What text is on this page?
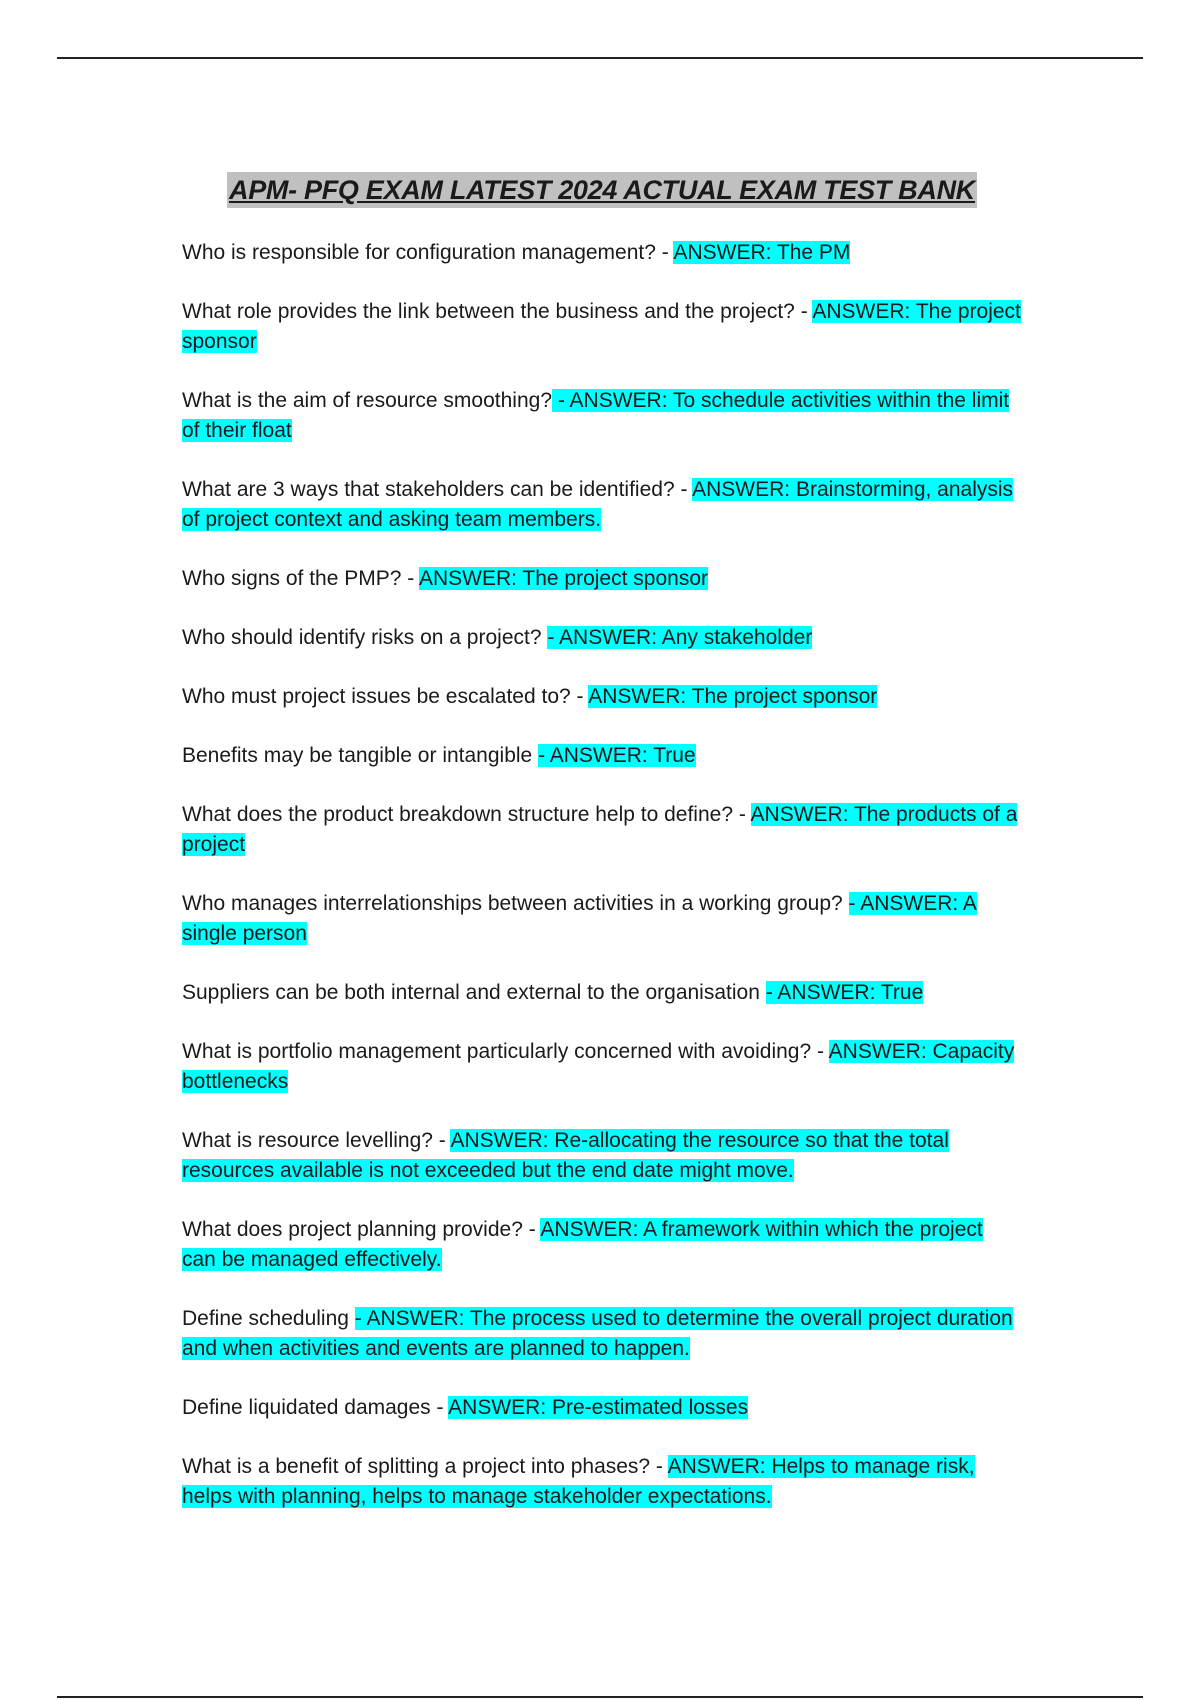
APM- PFQ EXAM LATEST 2024 ACTUAL EXAM TEST BANK

Who is responsible for configuration management? - ANSWER: The PM

What role provides the link between the business and the project? - ANSWER: The project sponsor

What is the aim of resource smoothing? - ANSWER: To schedule activities within the limit of their float

What are 3 ways that stakeholders can be identified? - ANSWER: Brainstorming, analysis of project context and asking team members.

Who signs of the PMP? - ANSWER: The project sponsor

Who should identify risks on a project? - ANSWER: Any stakeholder

Who must project issues be escalated to? - ANSWER: The project sponsor

Benefits may be tangible or intangible - ANSWER: True

What does the product breakdown structure help to define? - ANSWER: The products of a project

Who manages interrelationships between activities in a working group? - ANSWER: A single person

Suppliers can be both internal and external to the organisation - ANSWER: True

What is portfolio management particularly concerned with avoiding? - ANSWER: Capacity bottlenecks

What is resource levelling? - ANSWER: Re-allocating the resource so that the total resources available is not exceeded but the end date might move.

What does project planning provide? - ANSWER: A framework within which the project can be managed effectively.

Define scheduling - ANSWER: The process used to determine the overall project duration and when activities and events are planned to happen.

Define liquidated damages - ANSWER: Pre-estimated losses

What is a benefit of splitting a project into phases? - ANSWER: Helps to manage risk, helps with planning, helps to manage stakeholder expectations.
